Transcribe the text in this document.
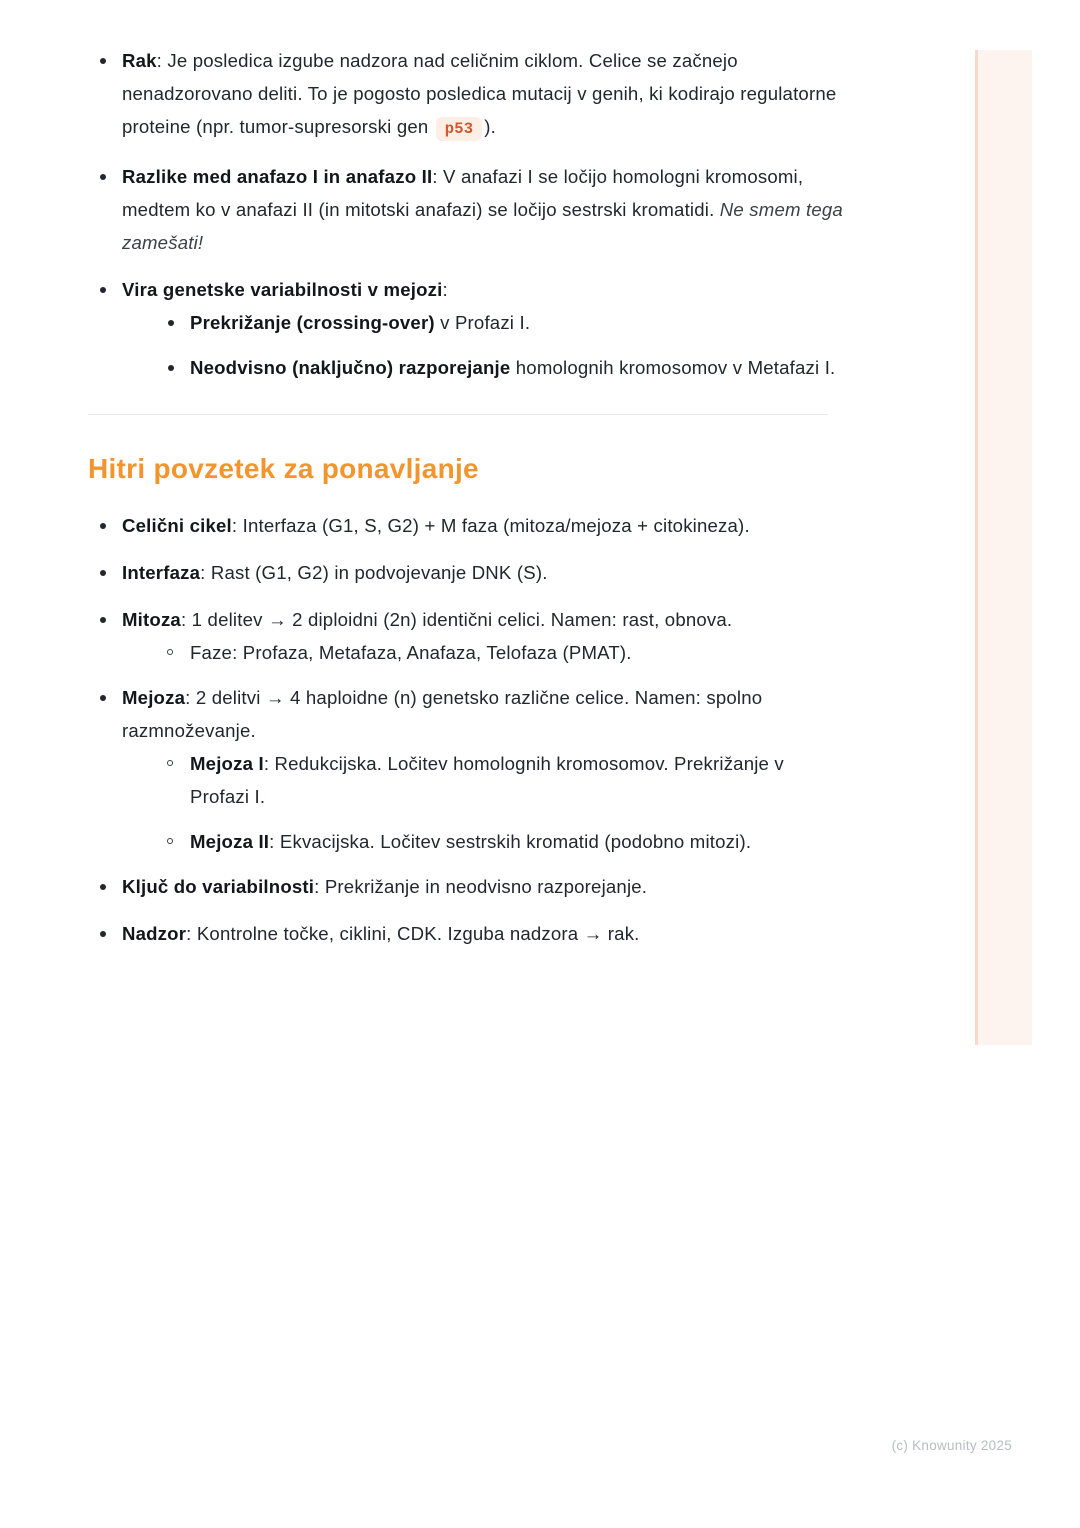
Rak: Je posledica izgube nadzora nad celičnim ciklom. Celice se začnejo nenadzorovano deliti. To je pogosto posledica mutacij v genih, ki kodirajo regulatorne proteine (npr. tumor-supresorski gen p53 ).
Razlike med anafazo I in anafazo II: V anafazi I se ločijo homologni kromosomi, medtem ko v anafazi II (in mitotski anafazi) se ločijo sestrski kromatidi. Ne smem tega zamešati!
Vira genetske variabilnosti v mejozi:
Prekrižanje (crossing-over) v Profazi I.
Neodvisno (naključno) razporejanje homolognih kromosomov v Metafazi I.
Hitri povzetek za ponavljanje
Celični cikel: Interfaza (G1, S, G2) + M faza (mitoza/mejoza + citokineza).
Interfaza: Rast (G1, G2) in podvojevanje DNK (S).
Mitoza: 1 delitev → 2 diploidni (2n) identični celici. Namen: rast, obnova.
Faze: Profaza, Metafaza, Anafaza, Telofaza (PMAT).
Mejoza: 2 delitvi → 4 haploidne (n) genetsko različne celice. Namen: spolno razmnoževanje.
Mejoza I: Redukcijska. Ločitev homolognih kromosomov. Prekrižanje v Profazi I.
Mejoza II: Ekvacijska. Ločitev sestrskih kromatid (podobno mitozi).
Ključ do variabilnosti: Prekrižanje in neodvisno razporejanje.
Nadzor: Kontrolne točke, ciklini, CDK. Izguba nadzora → rak.
(c) Knowunity 2025
